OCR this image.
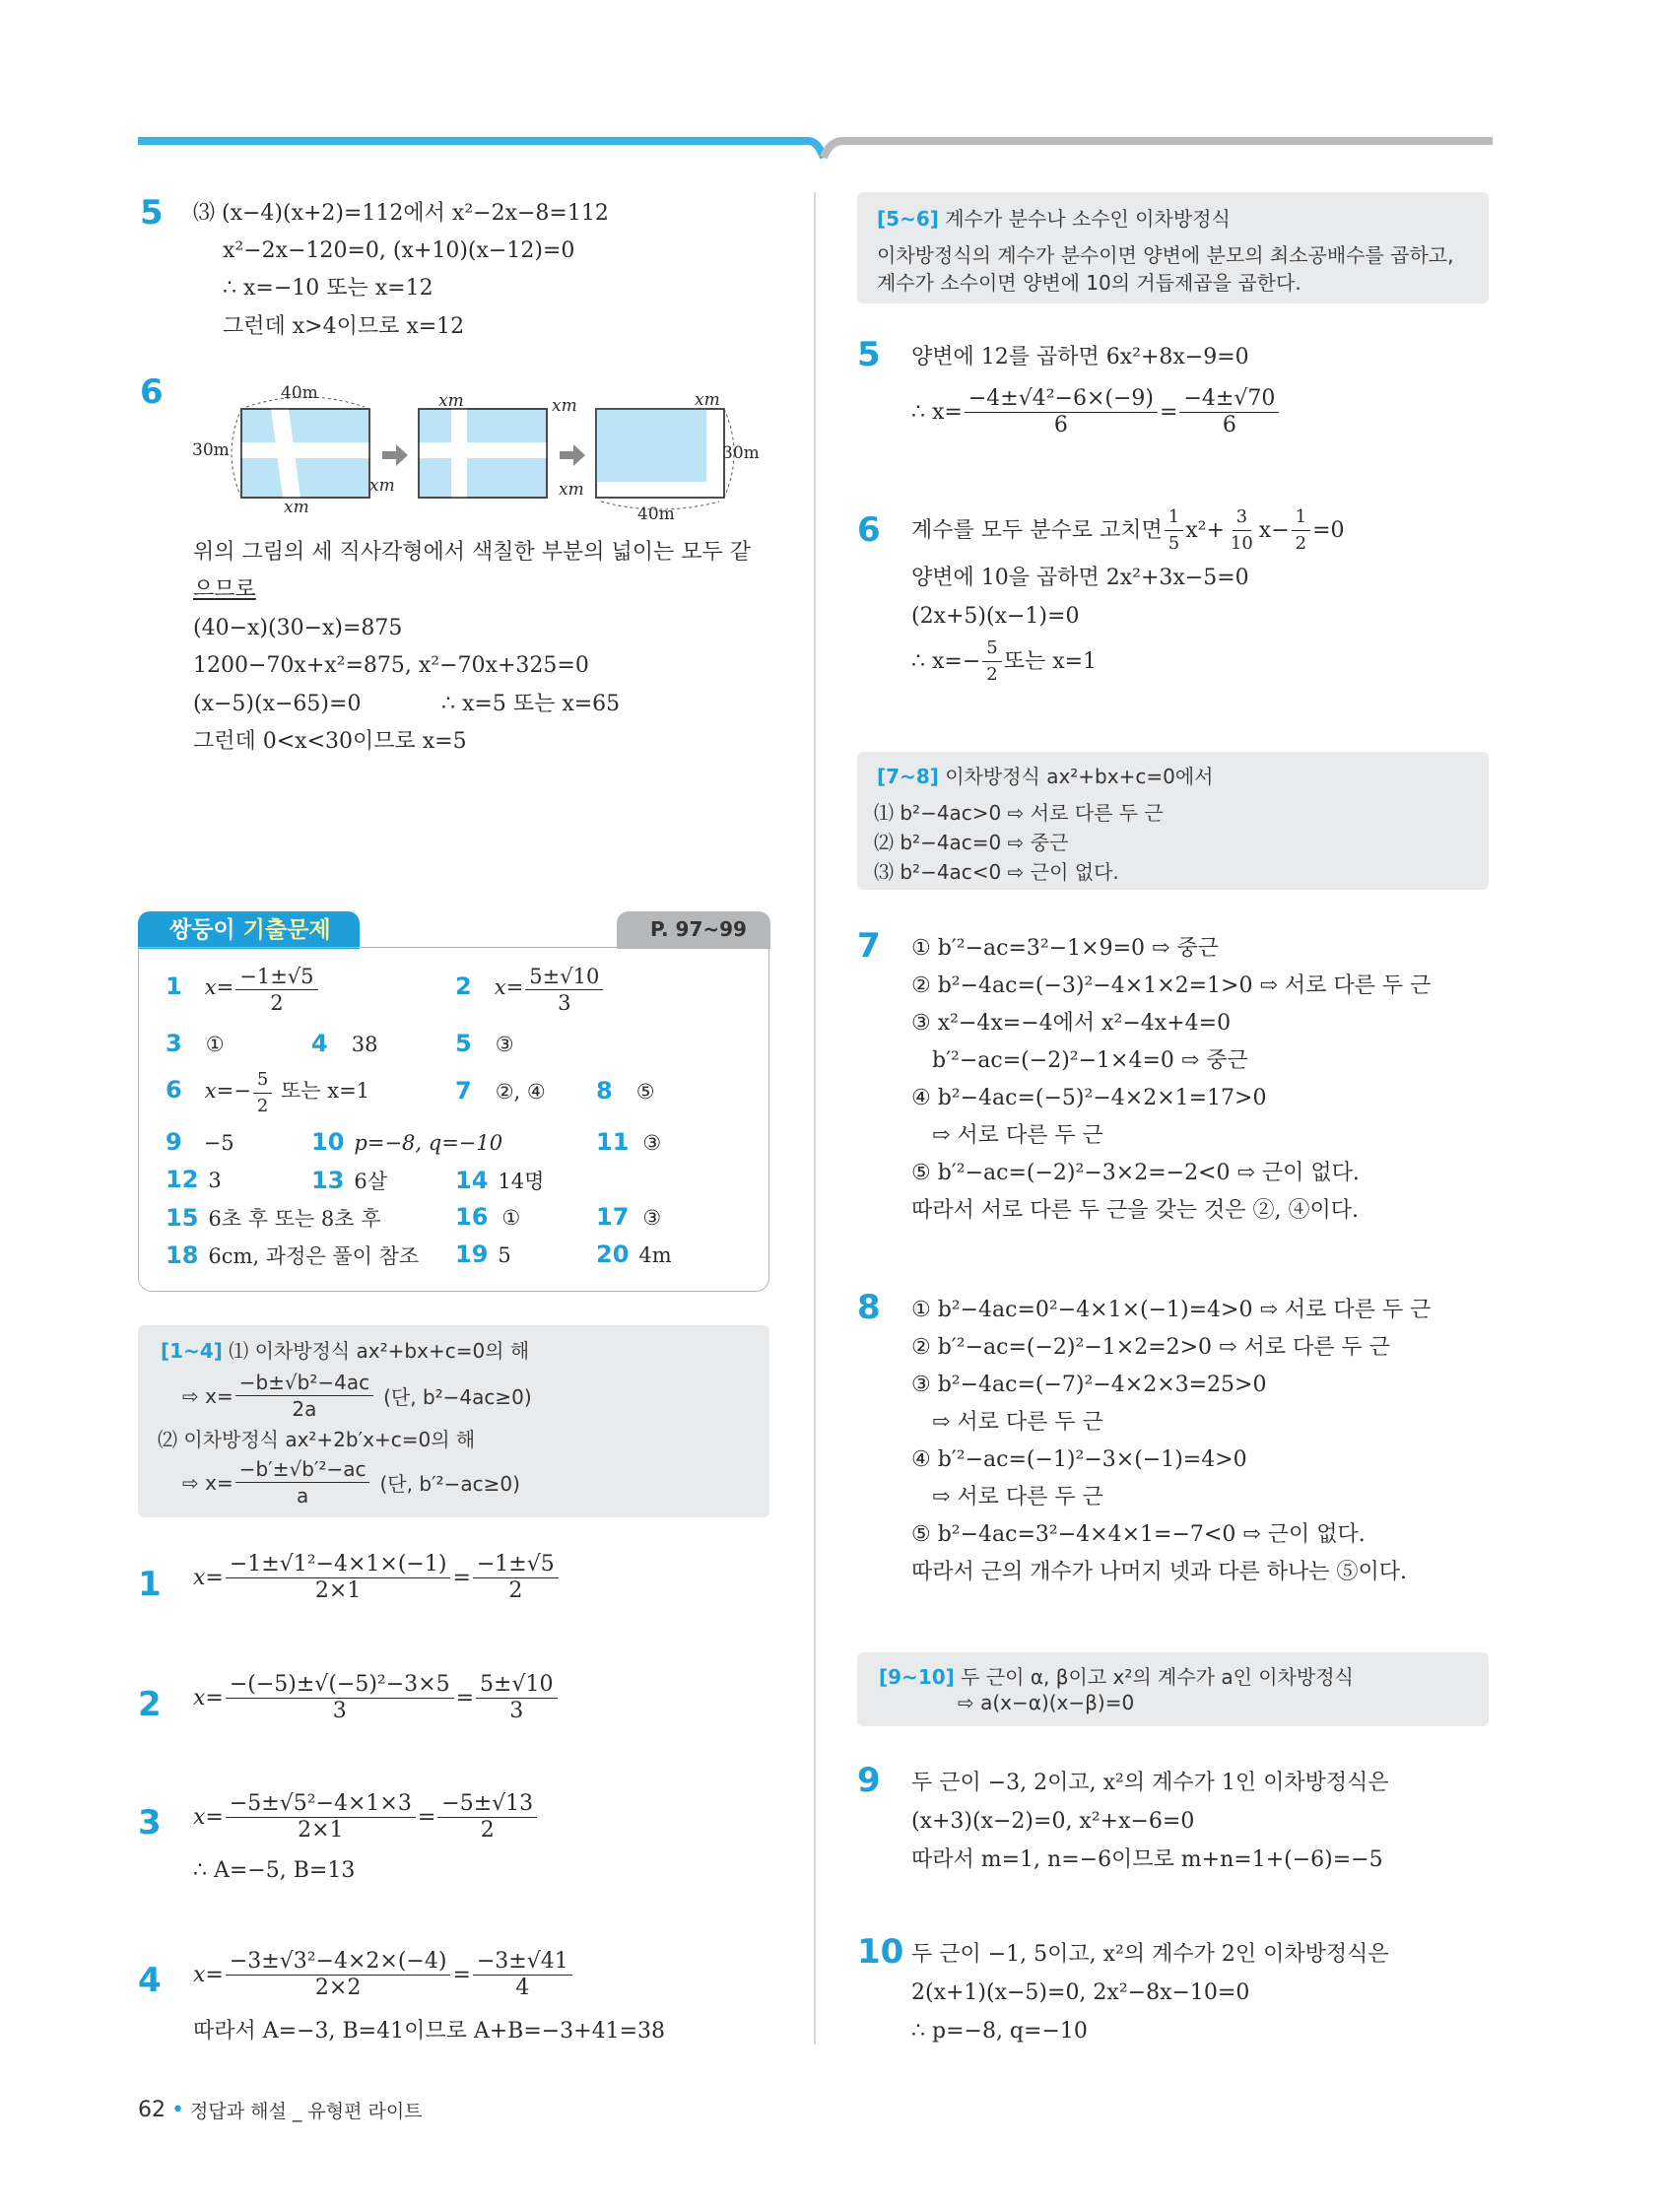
5 ⑶ (x−4)(x+2)=112에서 x²−2x−8=112
x²−2x−120=0, (x+10)(x−12)=0
∴ x=−10 또는 x=12
그런데 x>4이므로 x=12
6	40m
30m
xm
xm
xm	xm
xm
xm
30m
40m
위의 그림의 세 직사각형에서 색칠한 부분의 넓이는 모두 같
으므로
(40−x)(30−x)=875
1200−70x+x²=875, x²−70x+325=0
(x−5)(x−65)=0	∴ x=5 또는 x=65
그런데 0<x<30이므로 x=5
쌍둥이 기출문제	P. 97~99
1 $x= \frac{-1\pm√5}{2}$	2 $x= \frac{5\pm√10}{3}$
3 ①	4 38	5 ③
6 $x=- \frac{5}{2}$ 또는 x=1	7 ②, ④ 8 ⑤
9 −5	10 p=−8, q=−10	11 ③
12 3	13 6살	14 14명
15 6초 후 또는 8초 후	16 ①	17 ③
18 6cm, 과정은 풀이 참조 19 5	20 4m
[1~4] ⑴ 이차방정식 ax²+bx+c=0의 해
⇨ $x= \frac{\text{−b±√b²−4ac}}{2a}$ (단, b²−4ac≥0)
⑵ 이차방정식 ax²+2b′x+c=0의 해
⇨ $x= \frac{\text{−b′±√b′²−ac}}{a}$ (단, b′²−ac≥0)
1 $x= \frac{\text{−1±√1²−4×1×(−1)}}{2\times 1} = \frac{-1\pm√5}{2}$
2 $x= \frac{\text{−(−5)±√(−5)²−3×5}}{3} = \frac{5\pm√10}{3}$
3 $x= \frac{\text{−5±√5²−4×1×3}}{2\times 1} = \frac{-5\pm√13}{2}$
∴ A=−5, B=13
4 $x= \frac{\text{−3±√3²−4×2×(−4)}}{2\times 2} = \frac{-3\pm√41}{4}$
따라서 A=−3, B=41이므로 A+B=−3+41=38
[5~6] 계수가 분수나 소수인 이차방정식
이차방정식의 계수가 분수이면 양변에 분모의 최소공배수를 곱하고,
계수가 소수이면 양변에 10의 거듭제곱을 곱한다.
5 양변에 12를 곱하면 6x²+8x−9=0
∴ $x= \frac{\text{−4±√4²−6×(−9)}}{6} = \frac{-4\pm√70}{6}$
6 계수를 모두 분수로 고치면 $\frac{1}{5} x^2+ \frac{3}{10} x- \frac{1}{2} =0$
양변에 10을 곱하면 2x²+3x−5=0
(2x+5)(x−1)=0
∴ $x=- \frac{5}{2}$ 또는 x=1
[7~8] 이차방정식 ax²+bx+c=0에서
⑴ b²−4ac>0 ⇨ 서로 다른 두 근
⑵ b²−4ac=0 ⇨ 중근
⑶ b²−4ac<0 ⇨ 근이 없다.
7 ① b′²−ac=3²−1×9=0 ⇨ 중근
② b²−4ac=(−3)²−4×1×2=1>0 ⇨ 서로 다른 두 근
③ x²−4x=−4에서 x²−4x+4=0
b′²−ac=(−2)²−1×4=0 ⇨ 중근
④ b²−4ac=(−5)²−4×2×1=17>0
⇨ 서로 다른 두 근
⑤ b′²−ac=(−2)²−3×2=−2<0 ⇨ 근이 없다.
따라서 서로 다른 두 근을 갖는 것은 ②, ④이다.
8 ① b²−4ac=0²−4×1×(−1)=4>0 ⇨ 서로 다른 두 근
② b′²−ac=(−2)²−1×2=2>0 ⇨ 서로 다른 두 근
③ b²−4ac=(−7)²−4×2×3=25>0
⇨ 서로 다른 두 근
④ b′²−ac=(−1)²−3×(−1)=4>0
⇨ 서로 다른 두 근
⑤ b²−4ac=3²−4×4×1=−7<0 ⇨ 근이 없다.
따라서 근의 개수가 나머지 넷과 다른 하나는 ⑤이다.
[9~10] 두 근이 α, β이고 x²의 계수가 a인 이차방정식
⇨ a(x−α)(x−β)=0
9 두 근이 −3, 2이고, x²의 계수가 1인 이차방정식은
(x+3)(x−2)=0, x²+x−6=0
따라서 m=1, n=−6이므로 m+n=1+(−6)=−5
10 두 근이 −1, 5이고, x²의 계수가 2인 이차방정식은
2(x+1)(x−5)=0, 2x²−8x−10=0
∴ p=−8, q=−10
62 • 정답과 해설 _ 유형편 라이트
